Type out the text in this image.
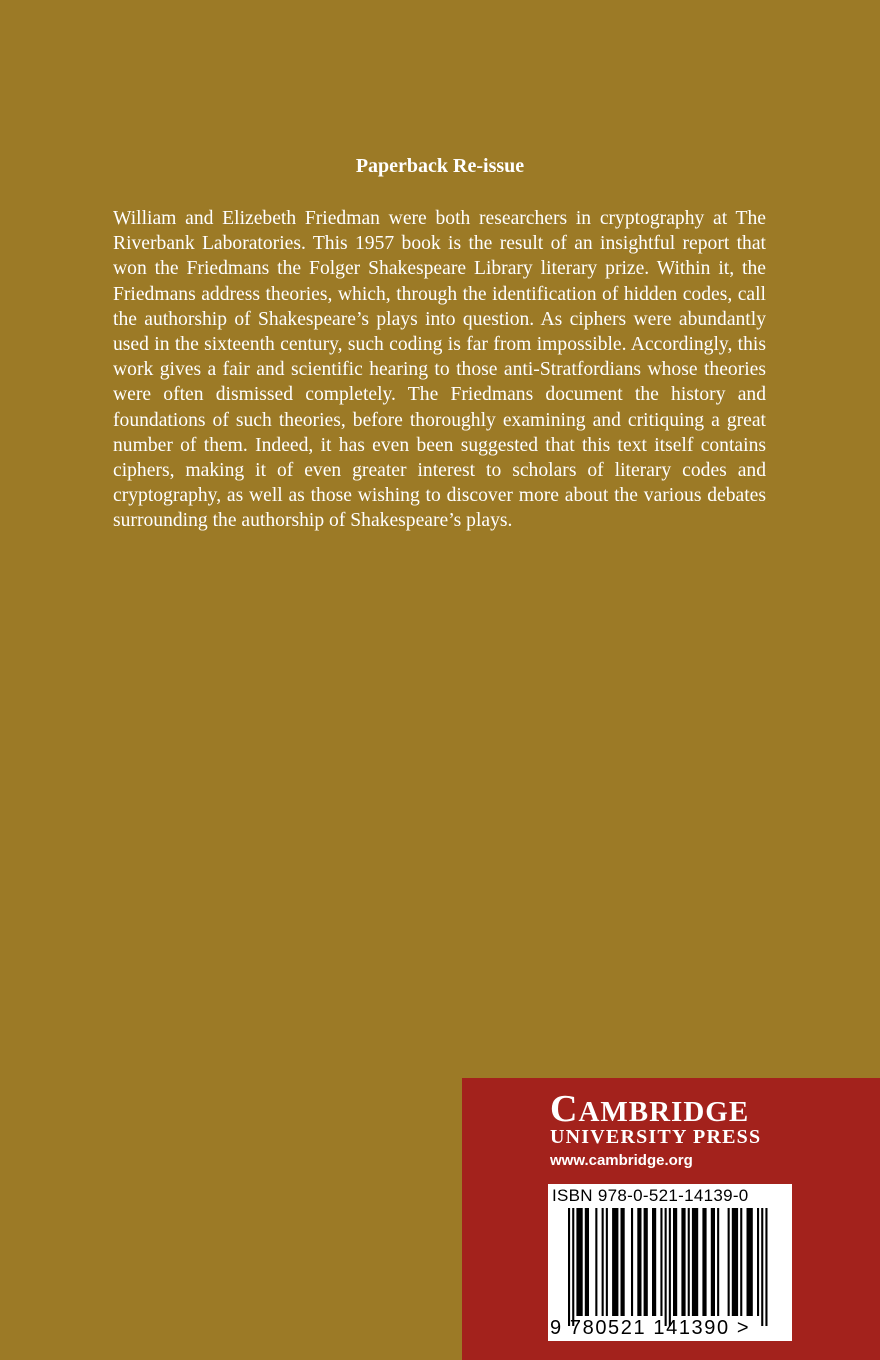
Paperback Re-issue

William and Elizebeth Friedman were both researchers in cryptography at The Riverbank Laboratories. This 1957 book is the result of an insightful report that won the Friedmans the Folger Shakespeare Library literary prize. Within it, the Friedmans address theories, which, through the identification of hidden codes, call the authorship of Shakespeare’s plays into question. As ciphers were abundantly used in the sixteenth century, such coding is far from impossible. Accordingly, this work gives a fair and scientific hearing to those anti-Stratfordians whose theories were often dismissed completely. The Friedmans document the history and foundations of such theories, before thoroughly examining and critiquing a great number of them. Indeed, it has even been suggested that this text itself contains ciphers, making it of even greater interest to scholars of literary codes and cryptography, as well as those wishing to discover more about the various debates surrounding the authorship of Shakespeare’s plays.

CAMBRIDGE
UNIVERSITY PRESS
www.cambridge.org
ISBN 978-0-521-14139-0
9 780521 141390 >
